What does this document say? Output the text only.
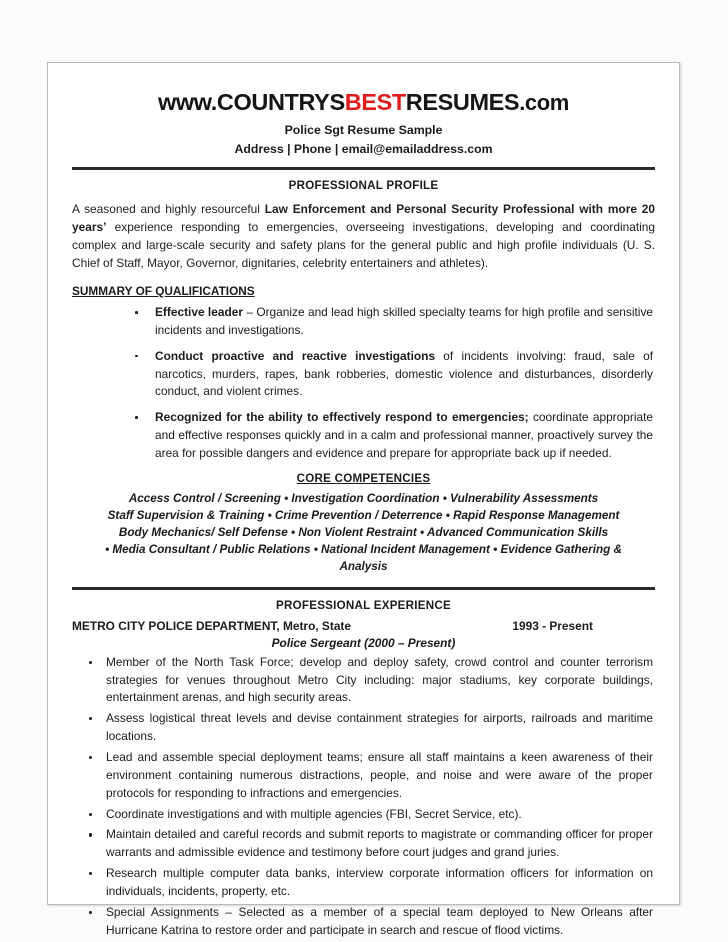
www.COUNTRYSBESTRESUMES.com
Police Sgt Resume Sample
Address | Phone | email@emailaddress.com
PROFESSIONAL PROFILE
A seasoned and highly resourceful Law Enforcement and Personal Security Professional with more 20 years’ experience responding to emergencies, overseeing investigations, developing and coordinating complex and large-scale security and safety plans for the general public and high profile individuals (U. S. Chief of Staff, Mayor, Governor, dignitaries, celebrity entertainers and athletes).
SUMMARY OF QUALIFICATIONS
Effective leader – Organize and lead high skilled specialty teams for high profile and sensitive incidents and investigations.
Conduct proactive and reactive investigations of incidents involving: fraud, sale of narcotics, murders, rapes, bank robberies, domestic violence and disturbances, disorderly conduct, and violent crimes.
Recognized for the ability to effectively respond to emergencies; coordinate appropriate and effective responses quickly and in a calm and professional manner, proactively survey the area for possible dangers and evidence and prepare for appropriate back up if needed.
CORE COMPETENCIES
Access Control / Screening • Investigation Coordination • Vulnerability Assessments
Staff Supervision & Training • Crime Prevention / Deterrence • Rapid Response Management
Body Mechanics/ Self Defense • Non Violent Restraint • Advanced Communication Skills
• Media Consultant / Public Relations • National Incident Management • Evidence Gathering & Analysis
PROFESSIONAL EXPERIENCE
METRO CITY POLICE DEPARTMENT, Metro, State	1993 - Present
Police Sergeant (2000 – Present)
Member of the North Task Force; develop and deploy safety, crowd control and counter terrorism strategies for venues throughout Metro City including: major stadiums, key corporate buildings, entertainment arenas, and high security areas.
Assess logistical threat levels and devise containment strategies for airports, railroads and maritime locations.
Lead and assemble special deployment teams; ensure all staff maintains a keen awareness of their environment containing numerous distractions, people, and noise and were aware of the proper protocols for responding to infractions and emergencies.
Coordinate investigations and with multiple agencies (FBI, Secret Service, etc).
Maintain detailed and careful records and submit reports to magistrate or commanding officer for proper warrants and admissible evidence and testimony before court judges and grand juries.
Research multiple computer data banks, interview corporate information officers for information on individuals, incidents, property, etc.
Special Assignments – Selected as a member of a special team deployed to New Orleans after Hurricane Katrina to restore order and participate in search and rescue of flood victims.
